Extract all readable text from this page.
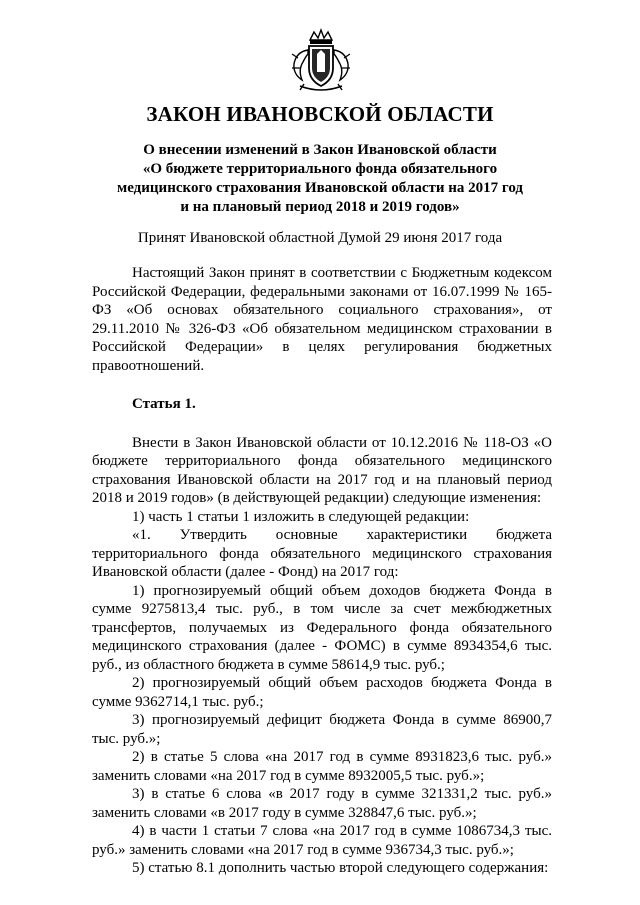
ЗАКОН ИВАНОВСКОЙ ОБЛАСТИ
О внесении изменений в Закон Ивановской области
«О бюджете территориального фонда обязательного
медицинского страхования Ивановской области на 2017 год
и на плановый период 2018 и 2019 годов»
Принят Ивановской областной Думой 29 июня 2017 года

Настоящий Закон принят в соответствии с Бюджетным кодексом Российской Федерации, федеральными законами от 16.07.1999 № 165-ФЗ «Об основах обязательного социального страхования», от 29.11.2010 № 326-ФЗ «Об обязательном медицинском страховании в Российской Федерации» в целях регулирования бюджетных правоотношений.

Статья 1.

Внести в Закон Ивановской области от 10.12.2016 № 118-ОЗ «О бюджете территориального фонда обязательного медицинского страхования Ивановской области на 2017 год и на плановый период 2018 и 2019 годов» (в действующей редакции) следующие изменения:

1) часть 1 статьи 1 изложить в следующей редакции:

«1. Утвердить основные характеристики бюджета территориального фонда обязательного медицинского страхования Ивановской области (далее - Фонд) на 2017 год:

1) прогнозируемый общий объем доходов бюджета Фонда в сумме 9275813,4 тыс. руб., в том числе за счет межбюджетных трансфертов, получаемых из Федерального фонда обязательного медицинского страхования (далее - ФОМС) в сумме 8934354,6 тыс. руб., из областного бюджета в сумме 58614,9 тыс. руб.;

2) прогнозируемый общий объем расходов бюджета Фонда в сумме 9362714,1 тыс. руб.;

3) прогнозируемый дефицит бюджета Фонда в сумме 86900,7 тыс. руб.»;

2) в статье 5 слова «на 2017 год в сумме 8931823,6 тыс. руб.» заменить словами «на 2017 год в сумме 8932005,5 тыс. руб.»;

3) в статье 6 слова «в 2017 году в сумме 321331,2 тыс. руб.» заменить словами «в 2017 году в сумме 328847,6 тыс. руб.»;

4) в части 1 статьи 7 слова «на 2017 год в сумме 1086734,3 тыс. руб.» заменить словами «на 2017 год в сумме 936734,3 тыс. руб.»;

5) статью 8.1 дополнить частью второй следующего содержания:
